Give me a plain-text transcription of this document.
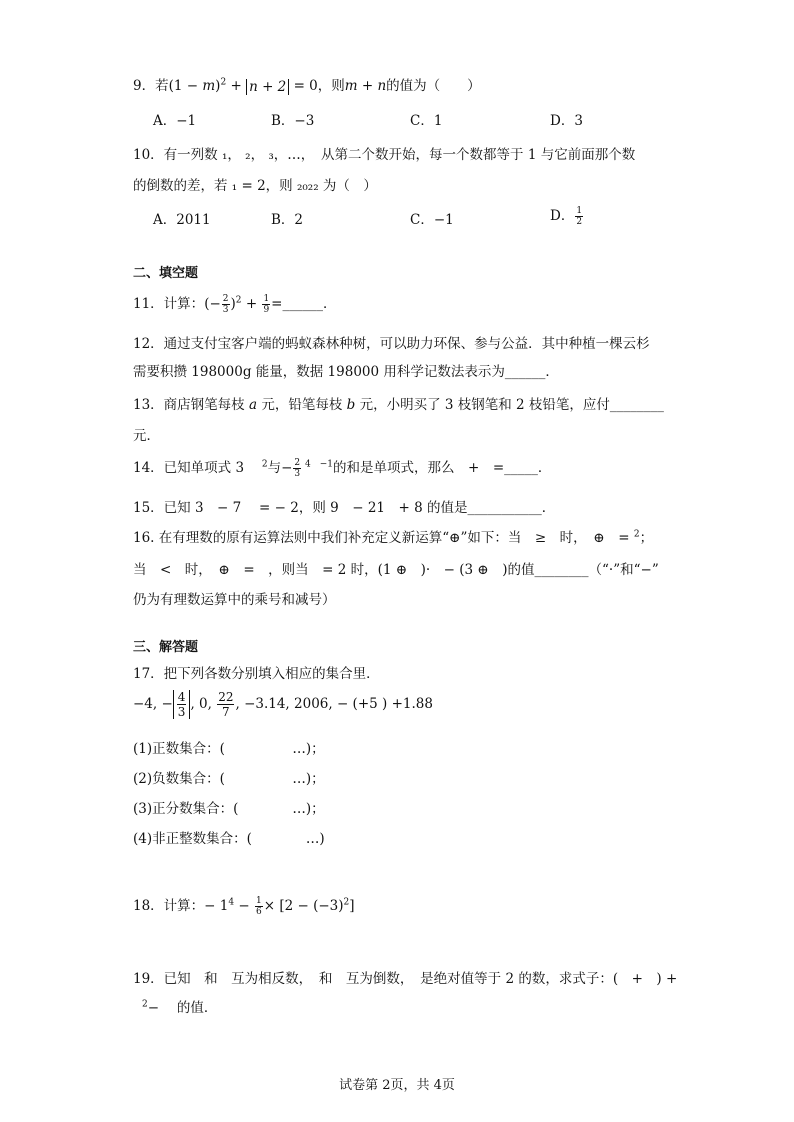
9．若$(1 - m)^2 + n + 2 = 0$，则m + n的值为（　　）
A．−1	B．−3	C．1	D．3
10．有一列数 ₁， ₂， ₃，…，　从第二个数开始，每一个数都等于 1 与它前面那个数
的倒数的差，若 ₁ = 2，则 ₂₀₂₂ 为（　）
A．2011	B．2	C．−1	D． $\frac{1}{2}$
二、填空题
11．计算：(− $\frac{2}{3} )^2 + \frac{1}{9}$ =______．
12．通过支付宝客户端的蚂蚁森林种树，可以助力环保、参与公益．其中种植一棵云杉
需要积攒 198000g 能量，数据 198000 用科学记数法表示为______．
13．商店钢笔每枝 a 元，铅笔每枝 b 元，小明买了 3 枝钢笔和 2 枝铅笔，应付________
元．
14．已知单项式 3　 $^2$与− $\frac{2}{3} ^4$　$^{-1}$的和是单项式，那么　+　=_____．
15．已知 3　− 7　 = − 2，则 9　− 21　+ 8 的值是___________．
16. 在有理数的原有运算法则中我们补充定义新运算“⊕”如下：当　≥　时，　⊕　= $^2$；
当　<　时，　⊕　=　，则当　= 2 时，(1 ⊕　)·　− (3 ⊕　)的值________（“·”和“−”
仍为有理数运算中的乘号和减号）
三、解答题
17．把下列各数分别填入相应的集合里．
−4, − $\frac{4}{3}$ , 0, $\frac{22}{7}$ , −3.14, 2006, − (+5 ) +1.88
(1)正数集合：(　　　　　…)；
(2)负数集合：(　　　　　…)；
(3)正分数集合：(　　　　…)；
(4)非正整数集合：(　　　　…)
18．计算：− $1^4 - \frac{1}{6} \times [2 - (-3)^2]$
19．已知　和　互为相反数，　和　互为倒数，　是绝对值等于 2 的数，求式子：(　+　) +
$^2$−　 的值．
试卷第 2页，共 4页
